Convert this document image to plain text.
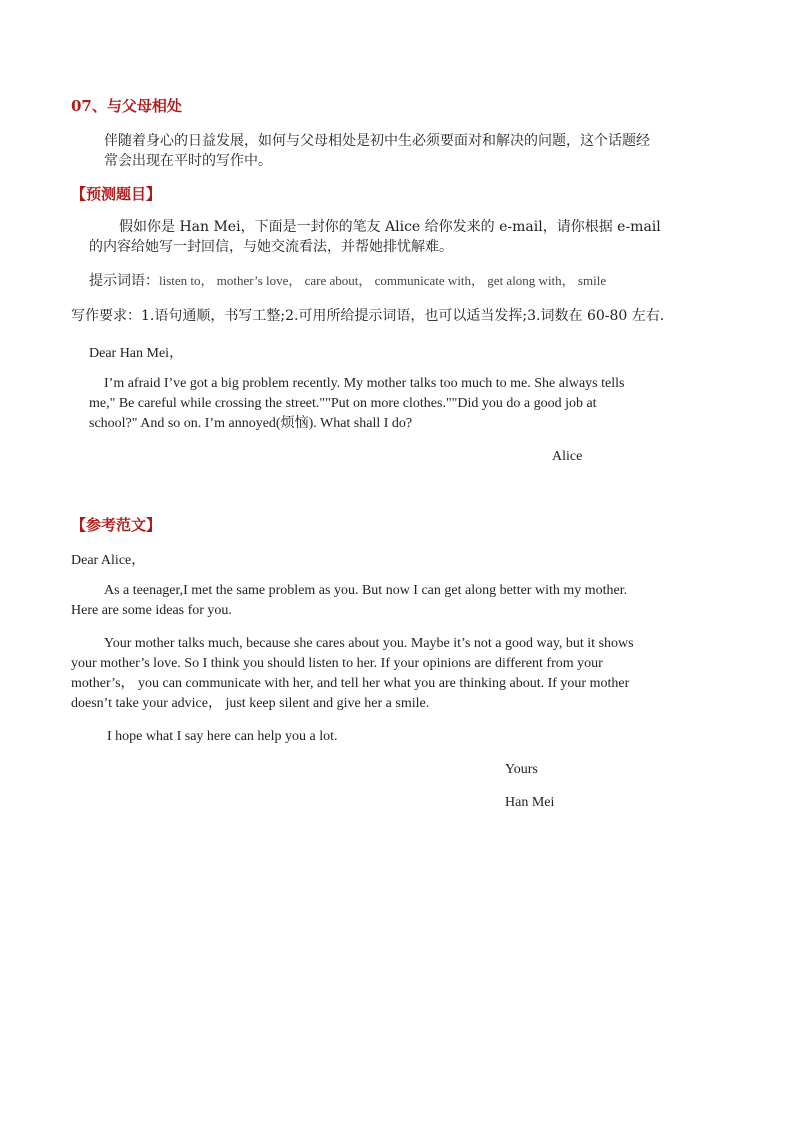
07、与父母相处
伴随着身心的日益发展，如何与父母相处是初中生必须要面对和解决的问题，这个话题经
常会出现在平时的写作中。
【预测题目】
假如你是 Han Mei，下面是一封你的笔友 Alice 给你发来的 e-mail，请你根据 e-mail
的内容给她写一封回信，与她交流看法，并帮她排忧解难。
提示词语：listen to， mother’s love， care about， communicate with， get along with， smile
写作要求：1.语句通顺，书写工整;2.可用所给提示词语，也可以适当发挥;3.词数在 60-80 左右.
Dear Han Mei，

I’m afraid I’ve got a big problem recently. My mother talks too much to me. She always tells

me," Be careful while crossing the street.""Put on more clothes.""Did you do a good job at

school?" And so on. I’m annoyed(烦恼). What shall I do?

Alice
【参考范文】
Dear Alice，

As a teenager,I met the same problem as you. But now I can get along better with my mother.

Here are some ideas for you.

Your mother talks much, because she cares about you. Maybe it’s not a good way, but it shows

your mother’s love. So I think you should listen to her. If your opinions are different from your

mother’s， you can communicate with her, and tell her what you are thinking about. If your mother

doesn’t take your advice， just keep silent and give her a smile.

I hope what I say here can help you a lot.
Yours
Han Mei
